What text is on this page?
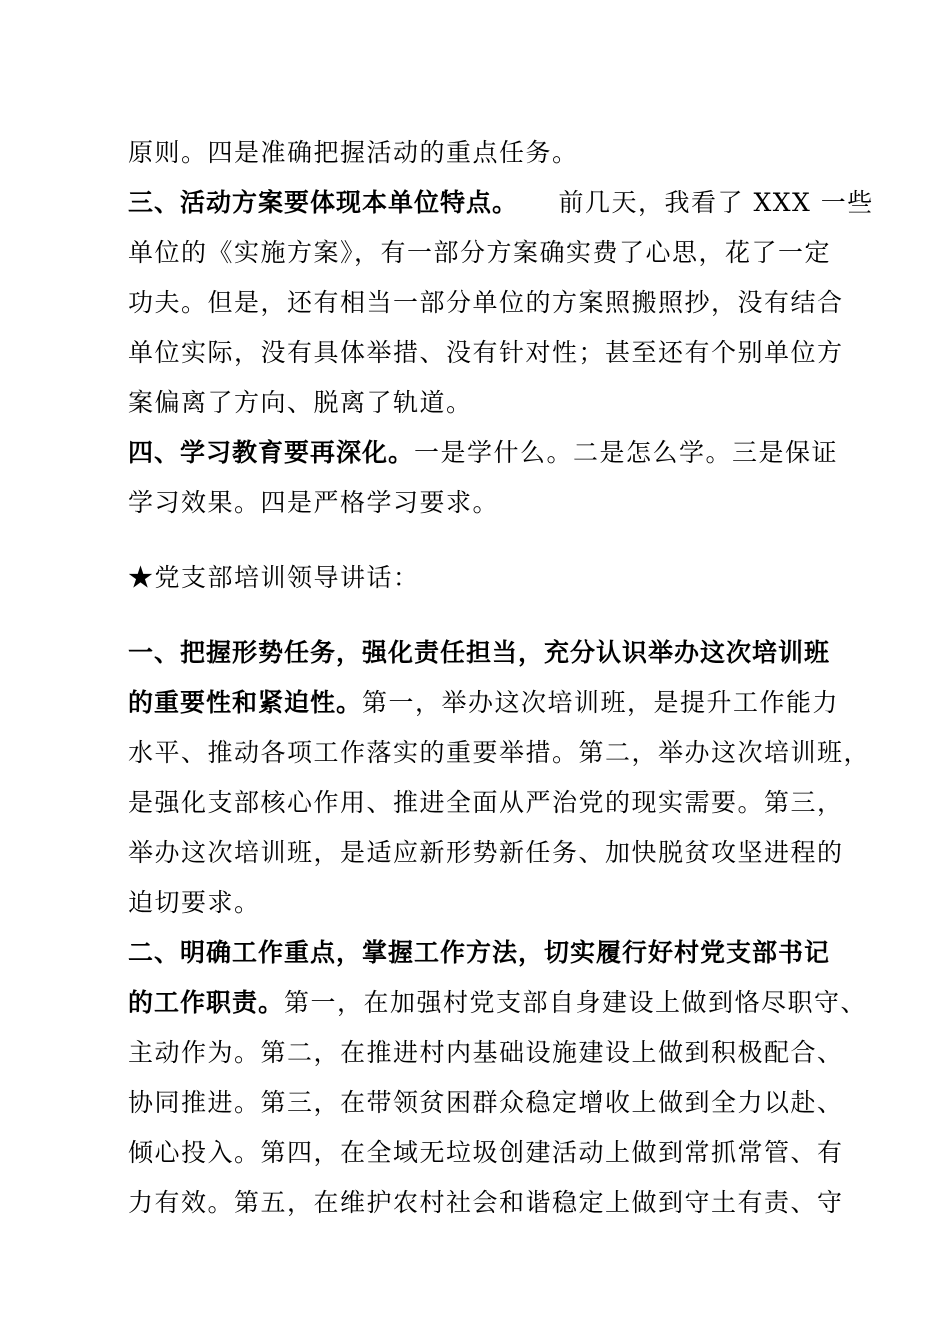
原则。四是准确把握活动的重点任务。
三、活动方案要体现本单位特点。　　前几天，我看了 XXX 一些
单位的《实施方案》，有一部分方案确实费了心思，花了一定
功夫。但是，还有相当一部分单位的方案照搬照抄，没有结合
单位实际，没有具体举措、没有针对性；甚至还有个别单位方
案偏离了方向、脱离了轨道。
四、学习教育要再深化。一是学什么。二是怎么学。三是保证
学习效果。四是严格学习要求。
★党支部培训领导讲话：
一、把握形势任务，强化责任担当，充分认识举办这次培训班
的重要性和紧迫性。第一，举办这次培训班，是提升工作能力
水平、推动各项工作落实的重要举措。第二，举办这次培训班，
是强化支部核心作用、推进全面从严治党的现实需要。第三，
举办这次培训班，是适应新形势新任务、加快脱贫攻坚进程的
迫切要求。
二、明确工作重点，掌握工作方法，切实履行好村党支部书记
的工作职责。第一，在加强村党支部自身建设上做到恪尽职守、
主动作为。第二，在推进村内基础设施建设上做到积极配合、
协同推进。第三，在带领贫困群众稳定增收上做到全力以赴、
倾心投入。第四，在全域无垃圾创建活动上做到常抓常管、有
力有效。第五，在维护农村社会和谐稳定上做到守土有责、守
